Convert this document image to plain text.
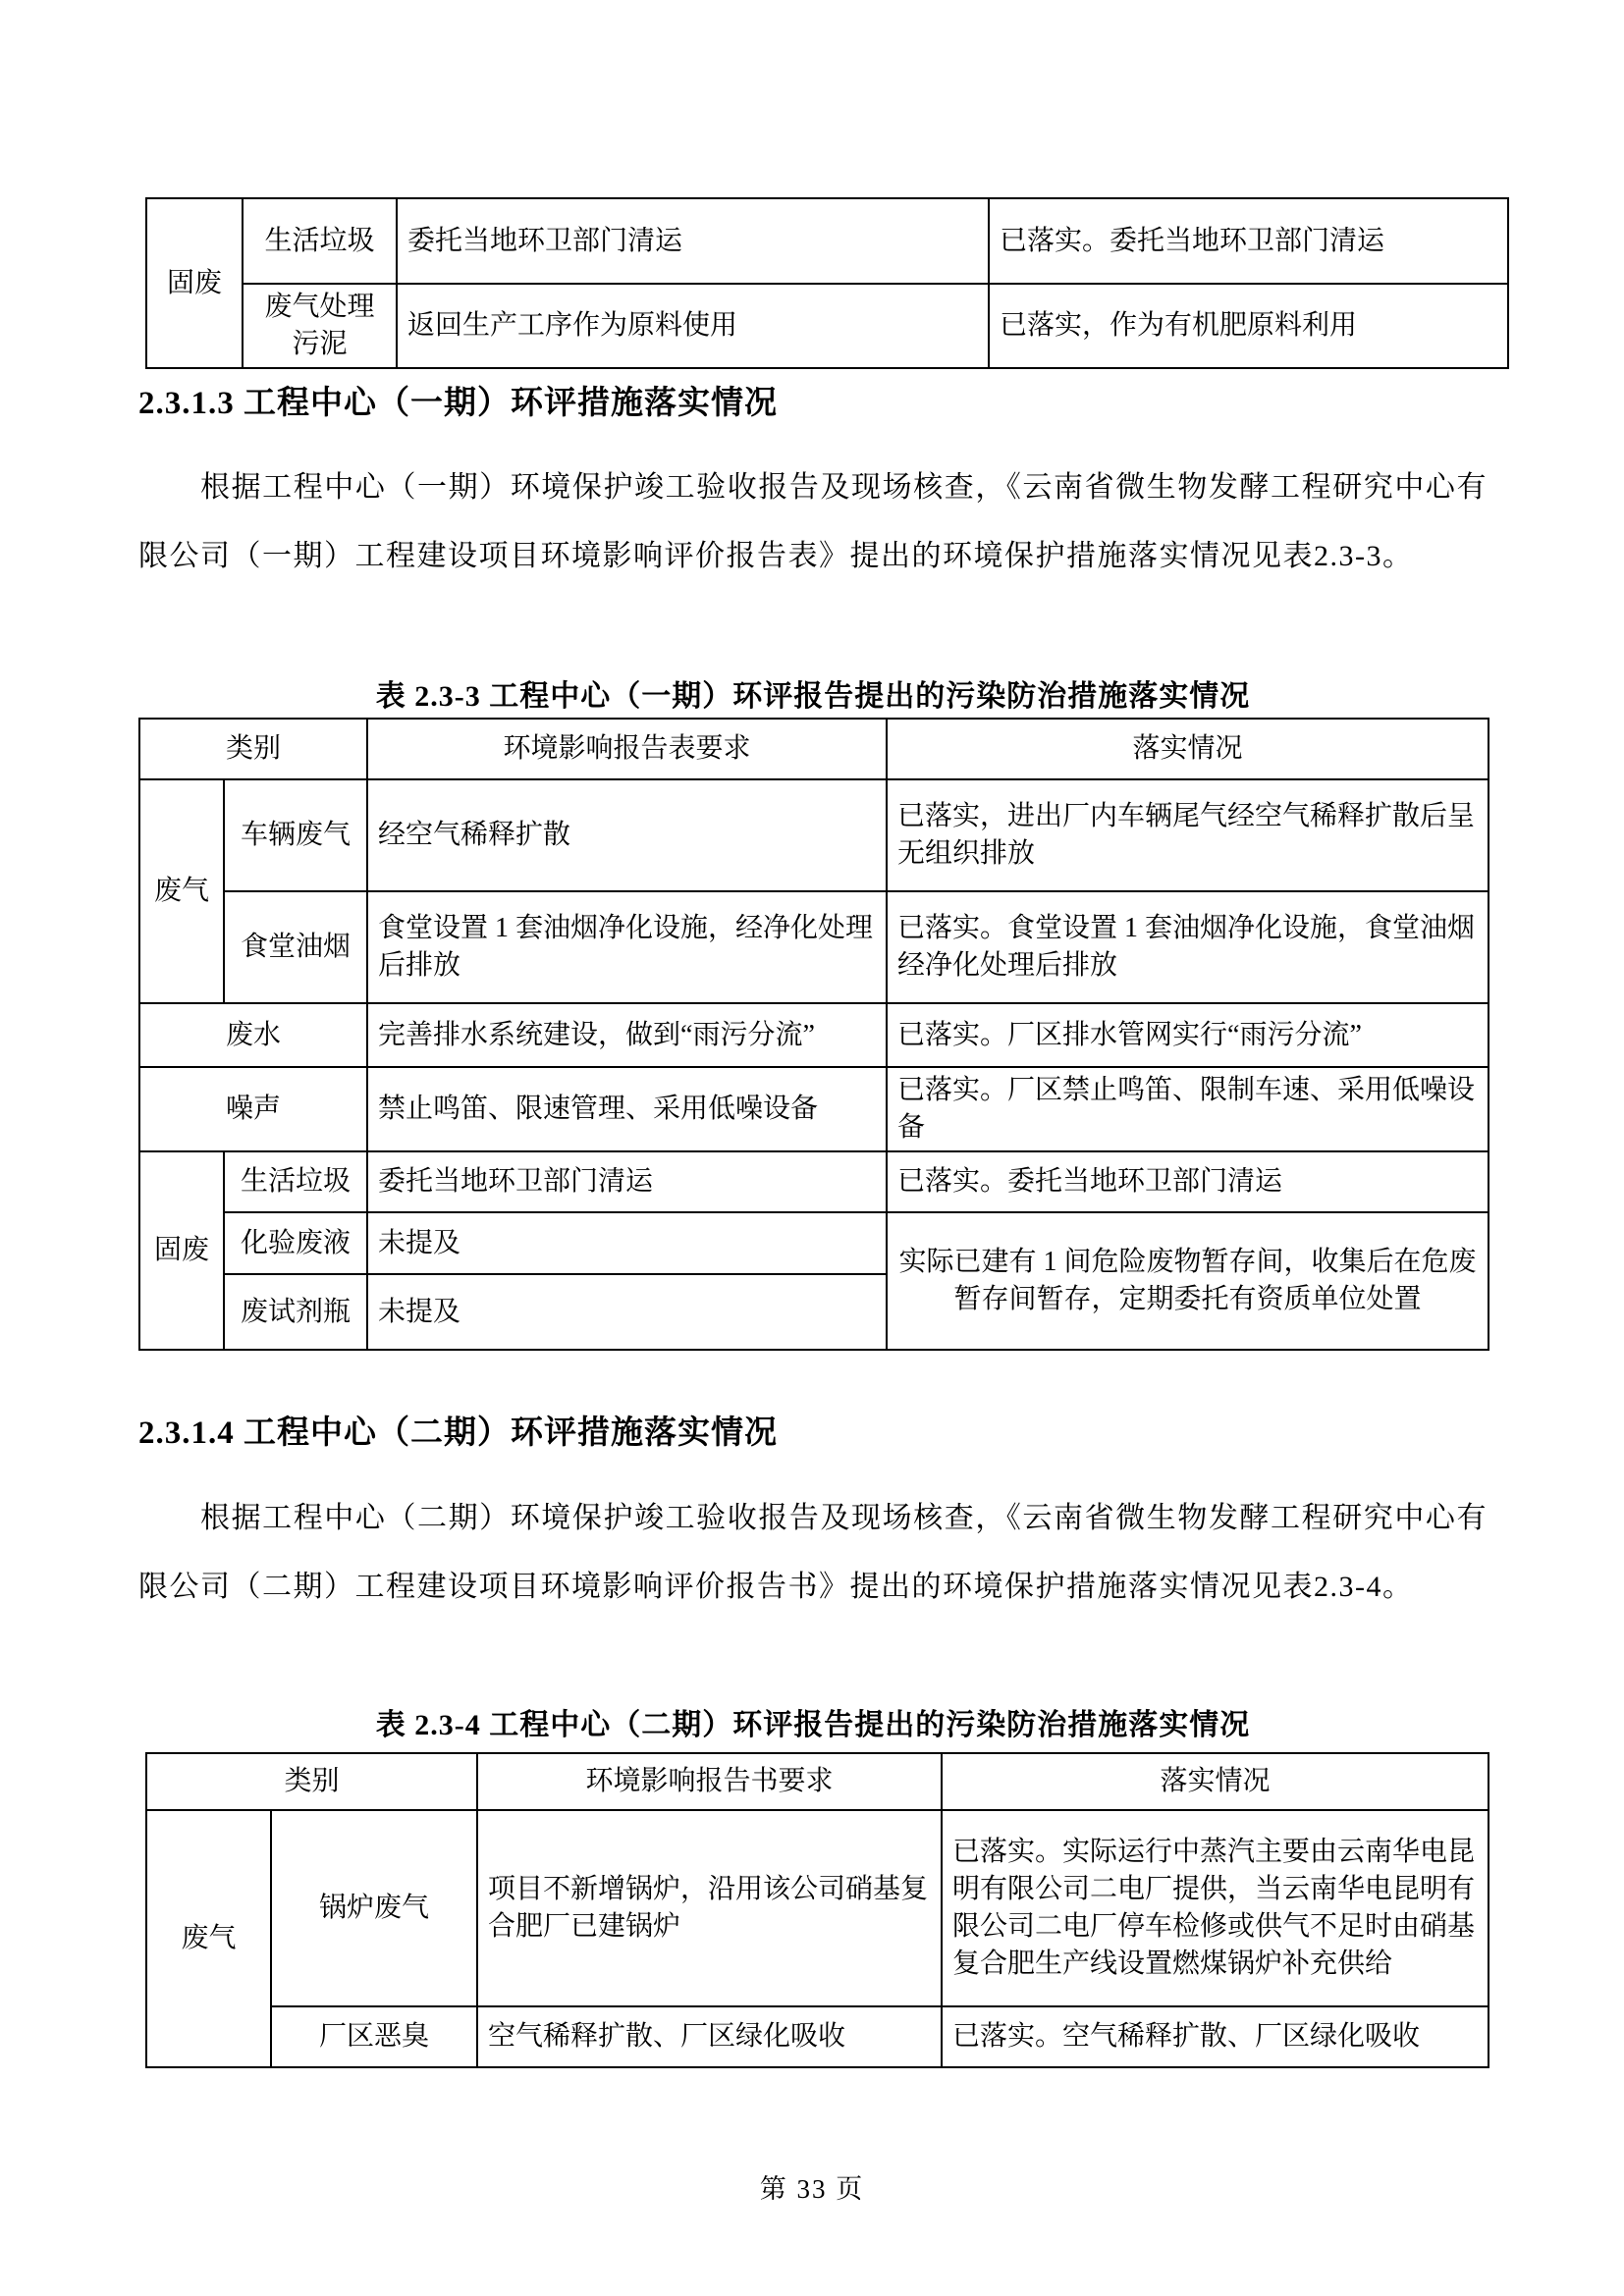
固废	生活垃圾	委托当地环卫部门清运	已落实。委托当地环卫部门清运
	废气处理污泥	返回生产工序作为原料使用	已落实，作为有机肥原料利用
2.3.1.3 工程中心（一期）环评措施落实情况
根据工程中心（一期）环境保护竣工验收报告及现场核查，《云南省微生物发酵工程研究中心有限公司（一期）工程建设项目环境影响评价报告表》提出的环境保护措施落实情况见表2.3-3。
表 2.3-3 工程中心（一期）环评报告提出的污染防治措施落实情况
类别		环境影响报告表要求	落实情况
废气	车辆废气	经空气稀释扩散	已落实，进出厂内车辆尾气经空气稀释扩散后呈无组织排放
	食堂油烟	食堂设置 1 套油烟净化设施，经净化处理后排放	已落实。食堂设置 1 套油烟净化设施，食堂油烟经净化处理后排放
废水		完善排水系统建设，做到“雨污分流”	已落实。厂区排水管网实行“雨污分流”
噪声		禁止鸣笛、限速管理、采用低噪设备	已落实。厂区禁止鸣笛、限制车速、采用低噪设备
固废	生活垃圾	委托当地环卫部门清运	已落实。委托当地环卫部门清运
	化验废液	未提及	实际已建有 1 间危险废物暂存间，收集后在危废暂存间暂存，定期委托有资质单位处置
	废试剂瓶	未提及	
2.3.1.4 工程中心（二期）环评措施落实情况
根据工程中心（二期）环境保护竣工验收报告及现场核查，《云南省微生物发酵工程研究中心有限公司（二期）工程建设项目环境影响评价报告书》提出的环境保护措施落实情况见表2.3-4。
表 2.3-4 工程中心（二期）环评报告提出的污染防治措施落实情况
类别		环境影响报告书要求	落实情况
废气	锅炉废气	项目不新增锅炉，沿用该公司硝基复合肥厂已建锅炉	已落实。实际运行中蒸汽主要由云南华电昆明有限公司二电厂提供，当云南华电昆明有限公司二电厂停车检修或供气不足时由硝基复合肥生产线设置燃煤锅炉补充供给
	厂区恶臭	空气稀释扩散、厂区绿化吸收	已落实。空气稀释扩散、厂区绿化吸收
第 33 页
